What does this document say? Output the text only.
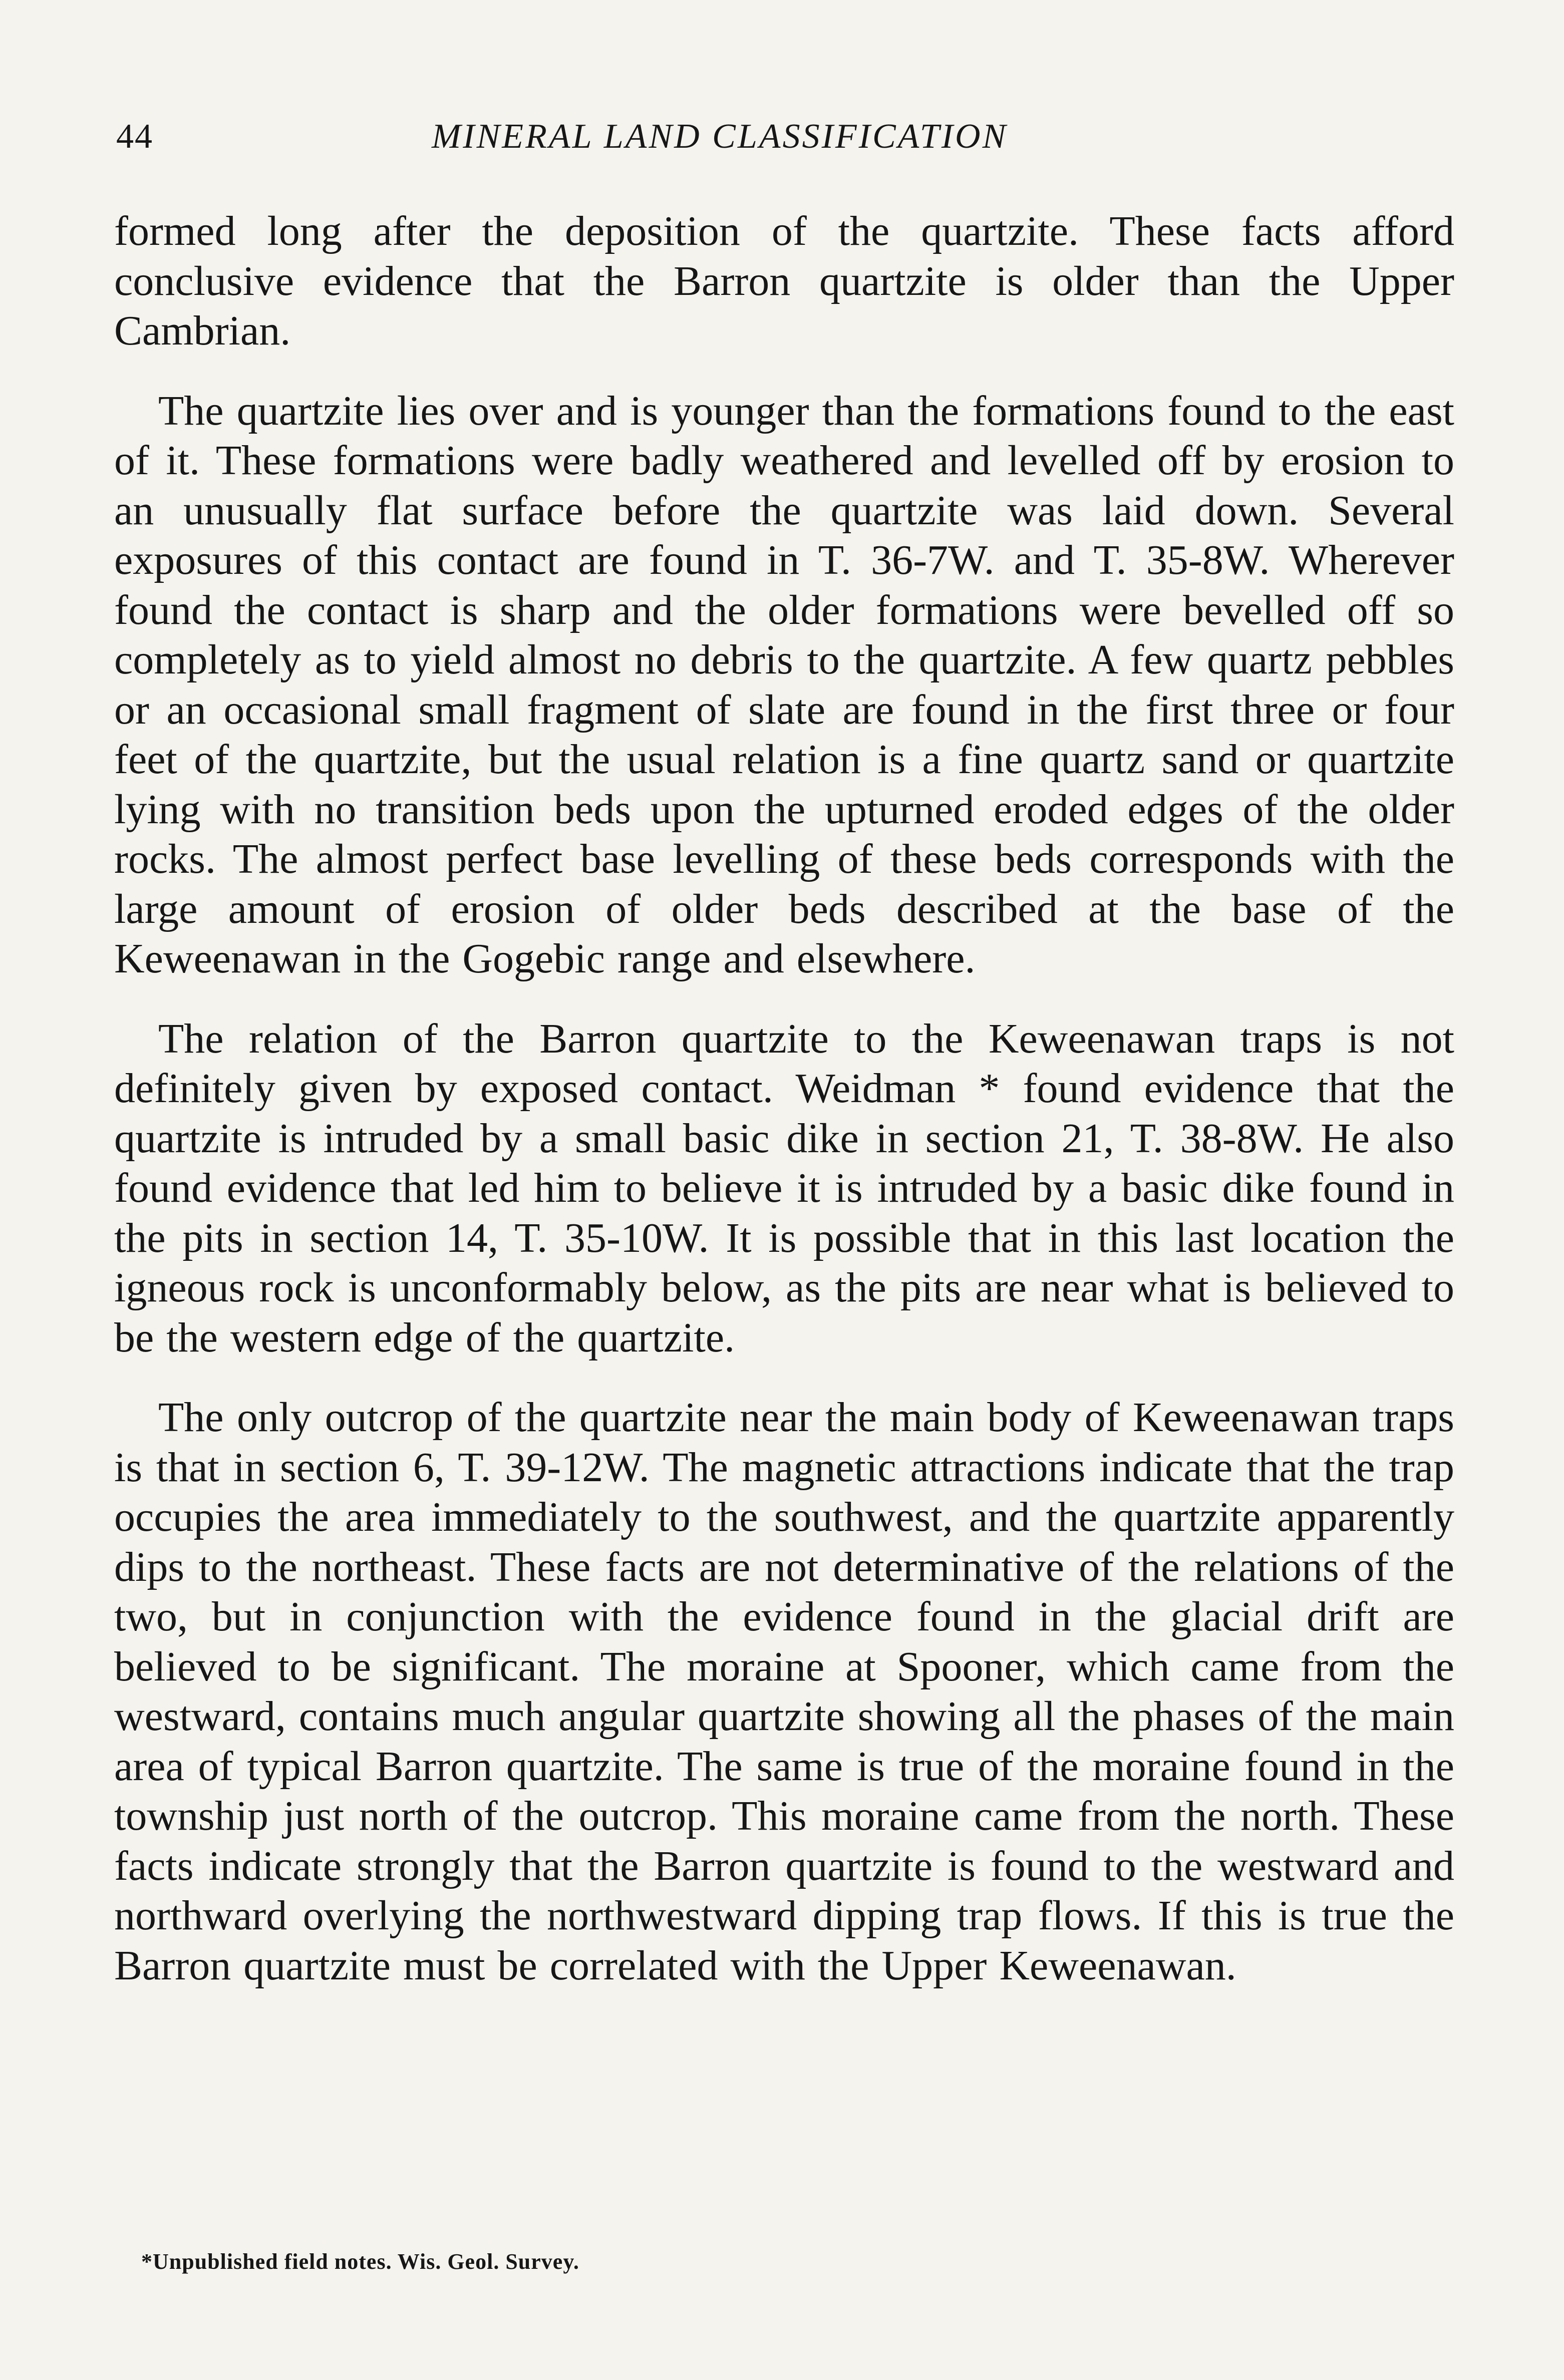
44	MINERAL LAND CLASSIFICATION

formed long after the deposition of the quartzite. These facts afford conclusive evidence that the Barron quartzite is older than the Upper Cambrian.

The quartzite lies over and is younger than the formations found to the east of it. These formations were badly weathered and levelled off by erosion to an unusually flat surface before the quartzite was laid down. Several exposures of this contact are found in T. 36-7W. and T. 35-8W. Wherever found the contact is sharp and the older formations were bevelled off so completely as to yield almost no debris to the quartzite. A few quartz pebbles or an occasional small fragment of slate are found in the first three or four feet of the quartzite, but the usual relation is a fine quartz sand or quartzite lying with no transition beds upon the upturned eroded edges of the older rocks. The almost perfect base levelling of these beds corresponds with the large amount of erosion of older beds described at the base of the Keweenawan in the Gogebic range and elsewhere.

The relation of the Barron quartzite to the Keweenawan traps is not definitely given by exposed contact. Weidman * found evidence that the quartzite is intruded by a small basic dike in section 21, T. 38-8W. He also found evidence that led him to believe it is intruded by a basic dike found in the pits in section 14, T. 35-10W. It is possible that in this last location the igneous rock is unconformably below, as the pits are near what is believed to be the western edge of the quartzite.

The only outcrop of the quartzite near the main body of Keweenawan traps is that in section 6, T. 39-12W. The magnetic attractions indicate that the trap occupies the area immediately to the southwest, and the quartzite apparently dips to the northeast. These facts are not determinative of the relations of the two, but in conjunction with the evidence found in the glacial drift are believed to be significant. The moraine at Spooner, which came from the westward, contains much angular quartzite showing all the phases of the main area of typical Barron quartzite. The same is true of the moraine found in the township just north of the outcrop. This moraine came from the north. These facts indicate strongly that the Barron quartzite is found to the westward and northward overlying the northwestward dipping trap flows. If this is true the Barron quartzite must be correlated with the Upper Keweenawan.

*Unpublished field notes. Wis. Geol. Survey.
